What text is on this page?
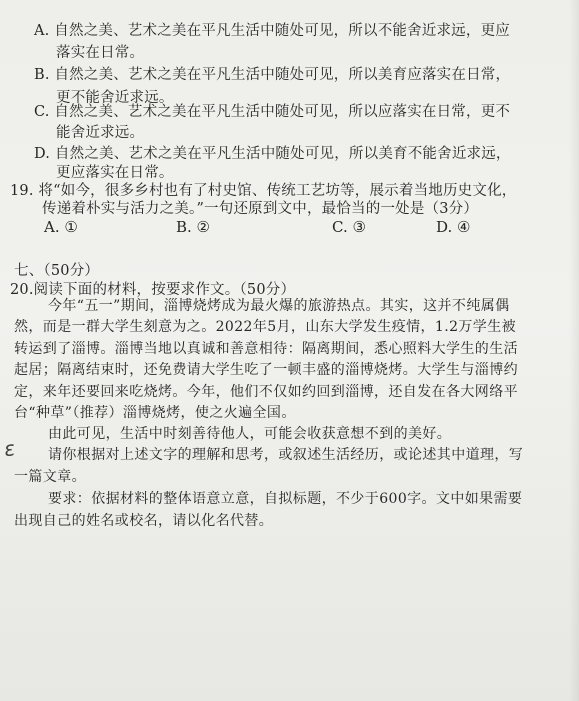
A. 自然之美、艺术之美在平凡生活中随处可见，所以不能舍近求远，更应
落实在日常。
B. 自然之美、艺术之美在平凡生活中随处可见，所以美育应落实在日常，
更不能舍近求远。
C. 自然之美、艺术之美在平凡生活中随处可见，所以应落实在日常，更不
能舍近求远。
D. 自然之美、艺术之美在平凡生活中随处可见，所以美育不能舍近求远，
更应落实在日常。
19. 将“如今，很多乡村也有了村史馆、传统工艺坊等，展示着当地历史文化，
传递着朴实与活力之美。”一句还原到文中，最恰当的一处是（3分）
A. ①	B. ②	C. ③	D. ④
七、（50分）
20.阅读下面的材料，按要求作文。（50分）
今年“五一”期间，淄博烧烤成为最火爆的旅游热点。其实，这并不纯属偶
然，而是一群大学生刻意为之。2022年5月，山东大学发生疫情，1.2万学生被
转运到了淄博。淄博当地以真诚和善意相待：隔离期间，悉心照料大学生的生活
起居；隔离结束时，还免费请大学生吃了一顿丰盛的淄博烧烤。大学生与淄博约
定，来年还要回来吃烧烤。今年，他们不仅如约回到淄博，还自发在各大网络平
台“种草”（推荐）淄博烧烤，使之火遍全国。
由此可见，生活中时刻善待他人，可能会收获意想不到的美好。
ɛ	请你根据对上述文字的理解和思考，或叙述生活经历，或论述其中道理，写
一篇文章。
要求：依据材料的整体语意立意，自拟标题，不少于600字。文中如果需要
出现自己的姓名或校名，请以化名代替。
